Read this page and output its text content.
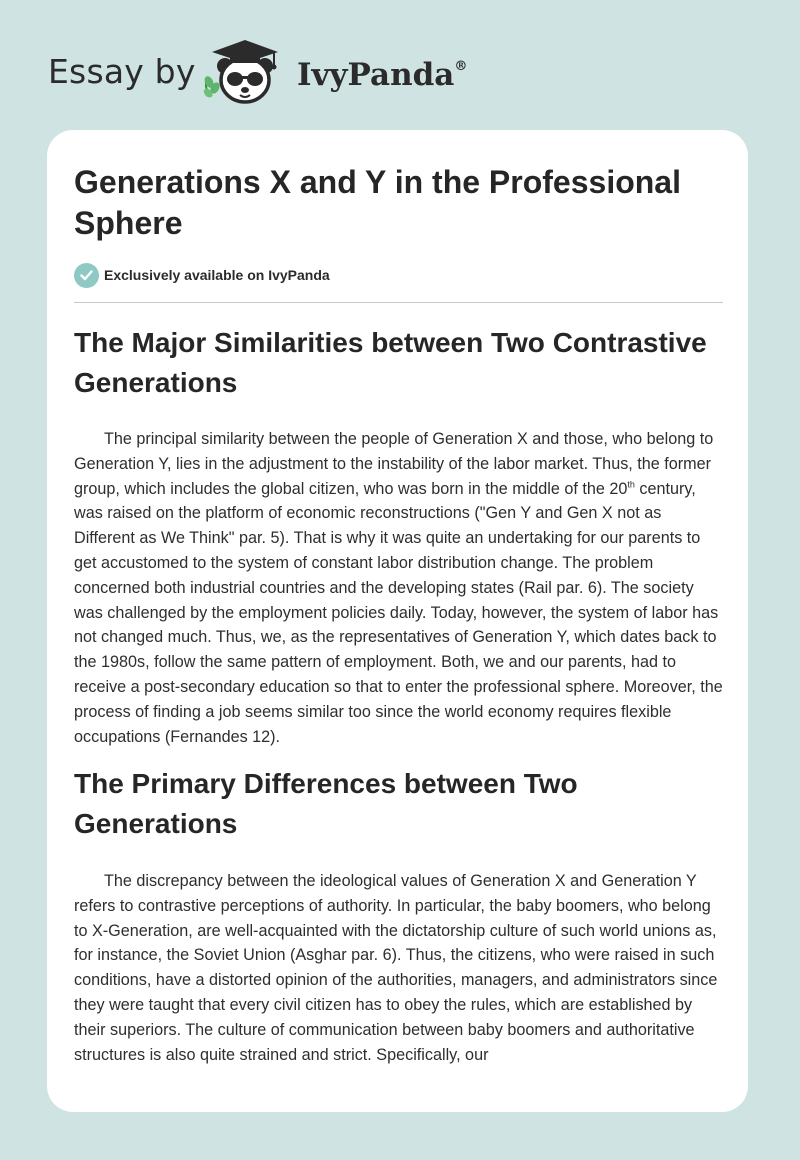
Essay by	IvyPanda®
Generations X and Y in the Professional Sphere
Exclusively available on IvyPanda
The Major Similarities between Two Contrastive Generations

The principal similarity between the people of Generation X and those, who belong to Generation Y, lies in the adjustment to the instability of the labor market. Thus, the former group, which includes the global citizen, who was born in the middle of the 20th century, was raised on the platform of economic reconstructions ("Gen Y and Gen X not as Different as We Think" par. 5). That is why it was quite an undertaking for our parents to get accustomed to the system of constant labor distribution change. The problem concerned both industrial countries and the developing states (Rail par. 6). The society was challenged by the employment policies daily. Today, however, the system of labor has not changed much. Thus, we, as the representatives of Generation Y, which dates back to the 1980s, follow the same pattern of employment. Both, we and our parents, had to receive a post-secondary education so that to enter the professional sphere. Moreover, the process of finding a job seems similar too since the world economy requires flexible occupations (Fernandes 12).

The Primary Differences between Two Generations

The discrepancy between the ideological values of Generation X and Generation Y refers to contrastive perceptions of authority. In particular, the baby boomers, who belong to X-Generation, are well-acquainted with the dictatorship culture of such world unions as, for instance, the Soviet Union (Asghar par. 6). Thus, the citizens, who were raised in such conditions, have a distorted opinion of the authorities, managers, and administrators since they were taught that every civil citizen has to obey the rules, which are established by their superiors. The culture of communication between baby boomers and authoritative structures is also quite strained and strict. Specifically, our
